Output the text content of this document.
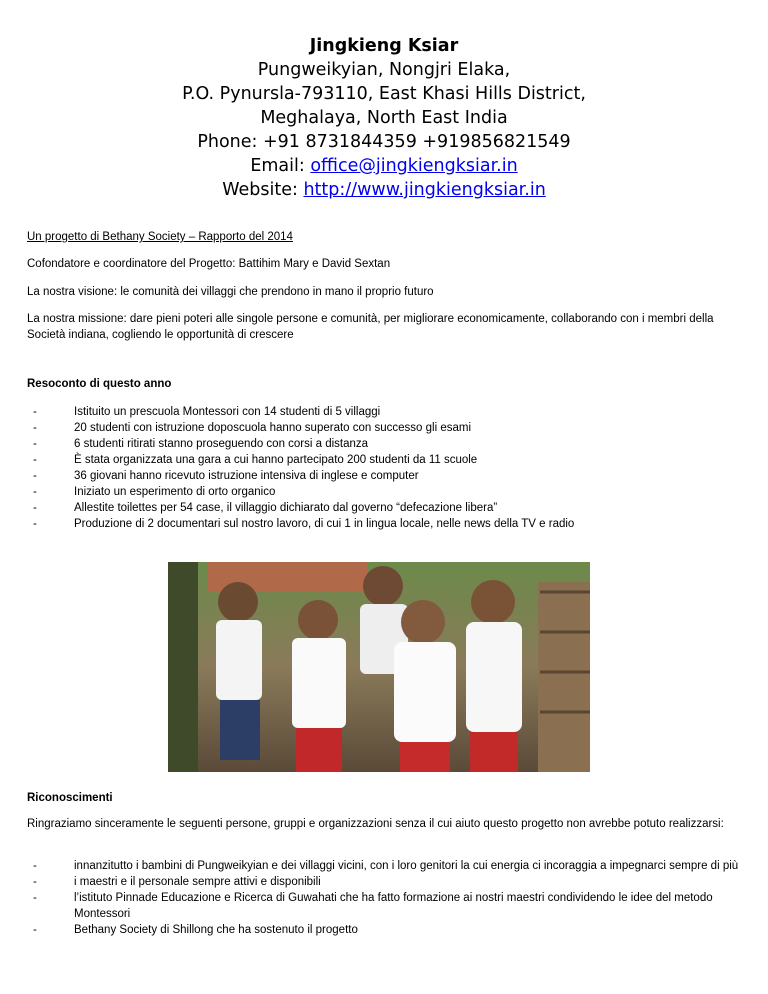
Jingkieng Ksiar
Pungweikyian, Nongjri Elaka,
P.O. Pynursla-793110, East Khasi Hills District,
Meghalaya, North East India
Phone: +91 8731844359 +919856821549
Email: office@jingkiengksiar.in
Website: http://www.jingkiengksiar.in
Un progetto di Bethany Society – Rapporto del 2014
Cofondatore e coordinatore del Progetto: Battihim Mary e David Sextan
La nostra visione: le comunità dei villaggi che prendono in mano il proprio futuro
La nostra missione: dare pieni poteri alle singole persone e comunità, per migliorare economicamente, collaborando con i membri della Società indiana, cogliendo le opportunità di crescere
Resoconto di questo anno
- Istituito un prescuola Montessori con 14 studenti di 5 villaggi
- 20 studenti con istruzione doposcuola hanno superato con successo gli esami
- 6 studenti ritirati stanno proseguendo con corsi a distanza
- È stata organizzata una gara a cui hanno partecipato 200 studenti da 11 scuole
- 36 giovani hanno ricevuto istruzione intensiva di inglese e computer
- Iniziato un esperimento di orto organico
- Allestite toilettes per 54 case, il villaggio dichiarato dal governo “defecazione libera”
- Produzione di 2 documentari sul nostro lavoro, di cui 1 in lingua locale, nelle news della TV e radio
Riconoscimenti
Ringraziamo sinceramente le seguenti persone, gruppi e organizzazioni senza il cui aiuto questo progetto non avrebbe potuto realizzarsi:
- innanzitutto i bambini di Pungweikyian e dei villaggi vicini, con i loro genitori la cui energia ci incoraggia a impegnarci sempre di più
- i maestri e il personale sempre attivi e disponibili
- l’istituto Pinnade Educazione e Ricerca di Guwahati che ha fatto formazione ai nostri maestri condividendo le idee del metodo Montessori
- Bethany Society di Shillong che ha sostenuto il progetto
